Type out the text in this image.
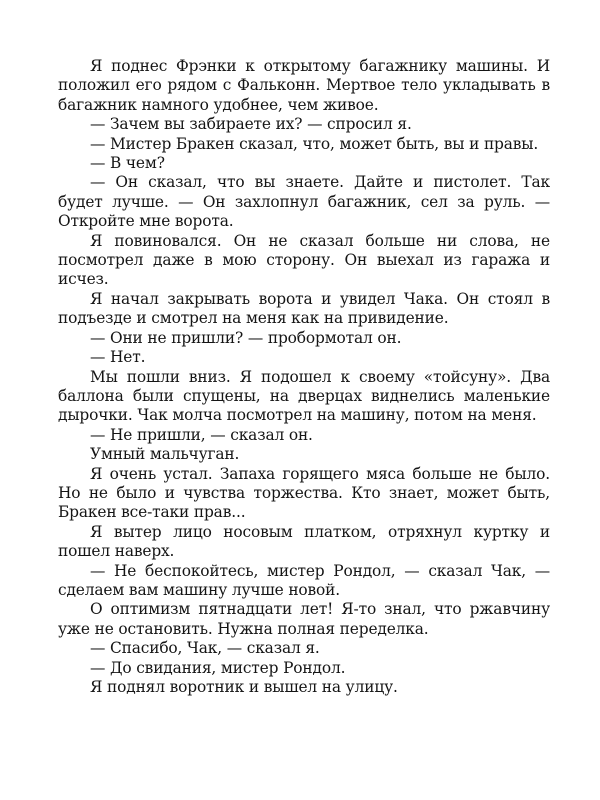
Я поднес Фрэнки к открытому багажнику машины. И положил его рядом с Фальконн. Мертвое тело укладывать в багажник намного удобнее, чем живое.

— Зачем вы забираете их? — спросил я.

— Мистер Бракен сказал, что, может быть, вы и правы.

— В чем?

— Он сказал, что вы знаете. Дайте и пистолет. Так будет лучше. — Он захлопнул багажник, сел за руль. — Откройте мне ворота.

Я повиновался. Он не сказал больше ни слова, не посмотрел даже в мою сторону. Он выехал из гаража и исчез.

Я начал закрывать ворота и увидел Чака. Он стоял в подъезде и смотрел на меня как на привидение.

— Они не пришли? — пробормотал он.

— Нет.

Мы пошли вниз. Я подошел к своему «тойсуну». Два баллона были спущены, на дверцах виднелись маленькие дырочки. Чак молча посмотрел на машину, потом на меня.

— Не пришли, — сказал он.

Умный мальчуган.

Я очень устал. Запаха горящего мяса больше не было. Но не было и чувства торжества. Кто знает, может быть, Бракен все-таки прав...

Я вытер лицо носовым платком, отряхнул куртку и пошел наверх.

— Не беспокойтесь, мистер Рондол, — сказал Чак, — сделаем вам машину лучше новой.

О оптимизм пятнадцати лет! Я-то знал, что ржавчину уже не остановить. Нужна полная переделка.

— Спасибо, Чак, — сказал я.

— До свидания, мистер Рондол.

Я поднял воротник и вышел на улицу.
